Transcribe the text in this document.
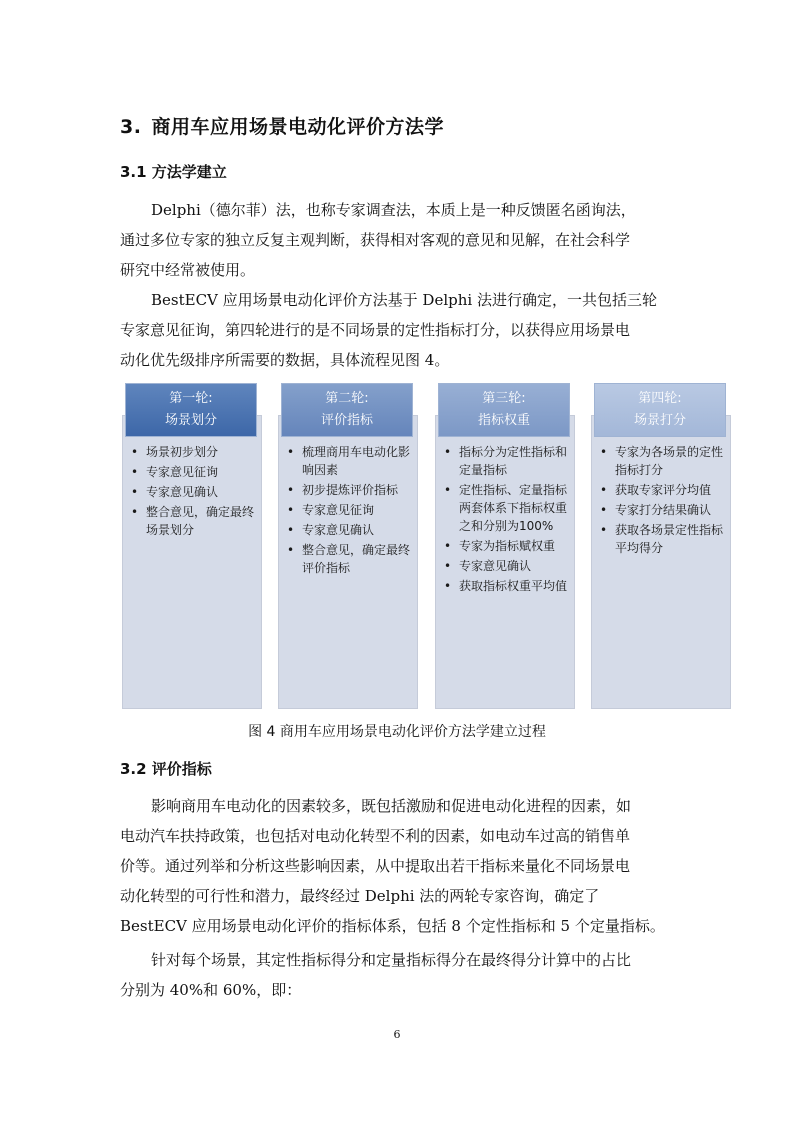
3. 商用车应用场景电动化评价方法学
3.1 方法学建立
Delphi（德尔菲）法，也称专家调查法，本质上是一种反馈匿名函询法，
通过多位专家的独立反复主观判断，获得相对客观的意见和见解，在社会科学
研究中经常被使用。
BestECV 应用场景电动化评价方法基于 Delphi 法进行确定，一共包括三轮
专家意见征询，第四轮进行的是不同场景的定性指标打分，以获得应用场景电
动化优先级排序所需要的数据，具体流程见图 4。
第一轮:
场景划分
• 场景初步划分
• 专家意见征询
• 专家意见确认
• 整合意见，确定最终场景划分
第二轮:
评价指标
• 梳理商用车电动化影响因素
• 初步提炼评价指标
• 专家意见征询
• 专家意见确认
• 整合意见，确定最终评价指标
第三轮:
指标权重
• 指标分为定性指标和定量指标
• 定性指标、定量指标两套体系下指标权重之和分别为100%
• 专家为指标赋权重
• 专家意见确认
• 获取指标权重平均值
第四轮:
场景打分
• 专家为各场景的定性指标打分
• 获取专家评分均值
• 专家打分结果确认
• 获取各场景定性指标平均得分
图 4 商用车应用场景电动化评价方法学建立过程
3.2 评价指标
影响商用车电动化的因素较多，既包括激励和促进电动化进程的因素，如
电动汽车扶持政策，也包括对电动化转型不利的因素，如电动车过高的销售单
价等。通过列举和分析这些影响因素，从中提取出若干指标来量化不同场景电
动化转型的可行性和潜力，最终经过 Delphi 法的两轮专家咨询，确定了
BestECV 应用场景电动化评价的指标体系，包括 8 个定性指标和 5 个定量指标。
针对每个场景，其定性指标得分和定量指标得分在最终得分计算中的占比
分别为 40%和 60%，即：
6
